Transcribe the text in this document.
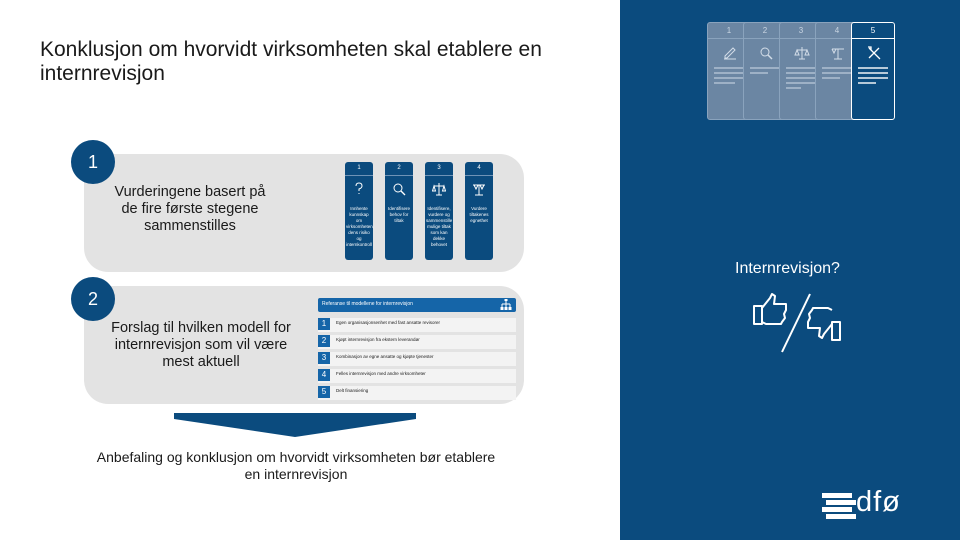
Konklusjon om hvorvidt virksomheten skal etablere en internrevisjon
1	2	3	4	5
Internrevisjon?
dfø
1
Vurderingene basert på de fire første stegene sammenstilles
1
Innhente kunnskap om virksomheten, dens risiko og internkontroll
2
Identifisere behov for tiltak
3
Identifisere, vurdere og sammenstille mulige tiltak som kan dekke behovet
4
Vurdere tiltakenes egnethet
2
Forslag til hvilken modell for internrevisjon som vil være mest aktuell
Referanse til modellene for internrevisjon
1	Egen organisasjonsenhet med fast ansatte revisorer
2	Kjøpt internrevisjon fra ekstern leverandør
3	Kombinasjon av egne ansatte og kjøpte tjenester
4	Felles internrevisjon med andre virksomheter
5	Delt finansiering
Anbefaling og konklusjon om hvorvidt virksomheten bør etablere en internrevisjon
